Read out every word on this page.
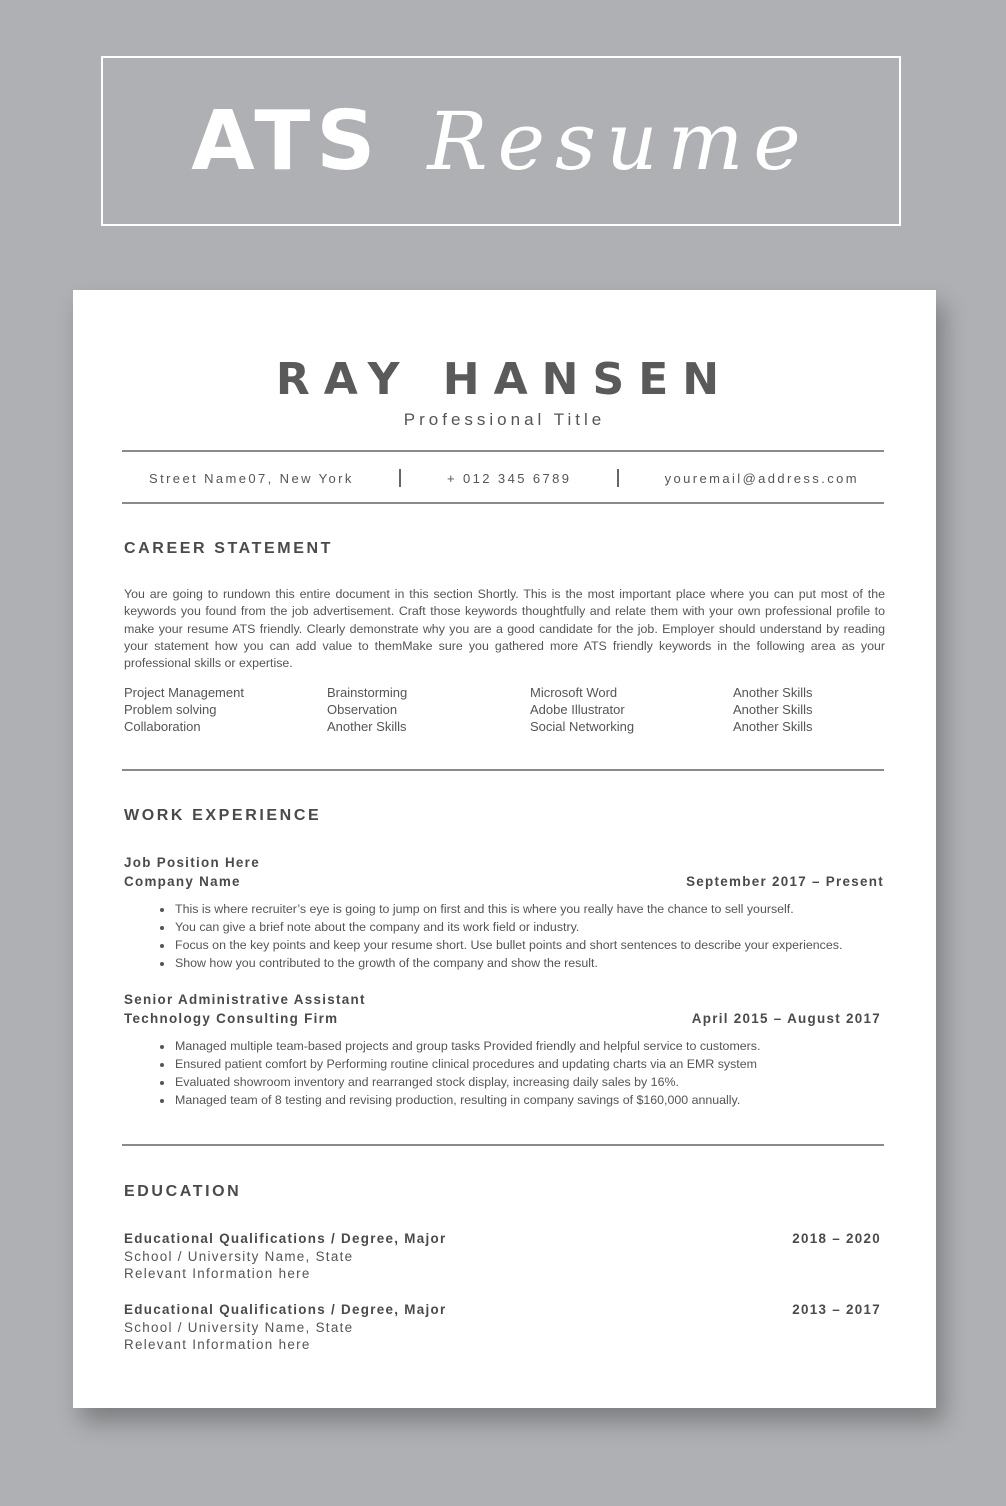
ATS Resume
RAY HANSEN
Professional Title
Street Name07, New York	+ 012 345 6789	youremail@address.com
CAREER STATEMENT
You are going to rundown this entire document in this section Shortly. This is the most important place where you can put most of the keywords you found from the job advertisement. Craft those keywords thoughtfully and relate them with your own professional profile to make your resume ATS friendly. Clearly demonstrate why you are a good candidate for the job. Employer should understand by reading your statement how you can add value to themMake sure you gathered more ATS friendly keywords in the following area as your professional skills or expertise.
Project Management	Brainstorming	Microsoft Word	Another Skills
Problem solving	Observation	Adobe Illustrator	Another Skills
Collaboration	Another Skills	Social Networking	Another Skills
WORK EXPERIENCE
Job Position Here
Company Name	September 2017 – Present
• This is where recruiter’s eye is going to jump on first and this is where you really have the chance to sell yourself.
• You can give a brief note about the company and its work field or industry.
• Focus on the key points and keep your resume short. Use bullet points and short sentences to describe your experiences.
• Show how you contributed to the growth of the company and show the result.
Senior Administrative Assistant
Technology Consulting Firm	April 2015 – August 2017
• Managed multiple team-based projects and group tasks Provided friendly and helpful service to customers.
• Ensured patient comfort by Performing routine clinical procedures and updating charts via an EMR system
• Evaluated showroom inventory and rearranged stock display, increasing daily sales by 16%.
• Managed team of 8 testing and revising production, resulting in company savings of $160,000 annually.
EDUCATION
Educational Qualifications / Degree, Major	2018 – 2020
School / University Name, State
Relevant Information here
Educational Qualifications / Degree, Major	2013 – 2017
School / University Name, State
Relevant Information here
